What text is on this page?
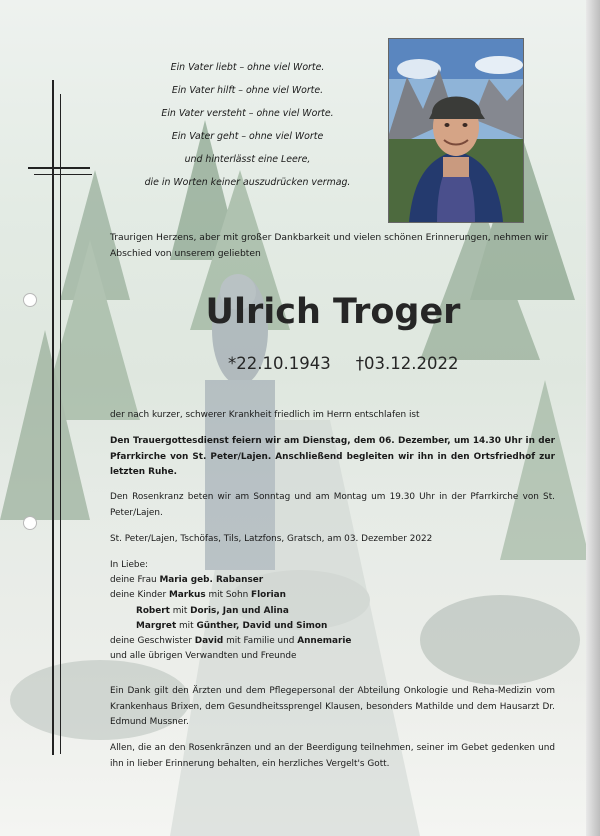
Ein Vater liebt – ohne viel Worte.
Ein Vater hilft – ohne viel Worte.
Ein Vater versteht – ohne viel Worte.
Ein Vater geht – ohne viel Worte
und hinterlässt eine Leere,
die in Worten keiner auszudrücken vermag.
Traurigen Herzens, aber mit großer Dankbarkeit und vielen schönen Erinnerungen, nehmen wir Abschied von unserem geliebten
Ulrich Troger
*22.10.1943 †03.12.2022
der nach kurzer, schwerer Krankheit friedlich im Herrn entschlafen ist
Den Trauergottesdienst feiern wir am Dienstag, dem 06. Dezember, um 14.30 Uhr in der Pfarrkirche von St. Peter/Lajen. Anschließend begleiten wir ihn in den Ortsfriedhof zur letzten Ruhe.
Den Rosenkranz beten wir am Sonntag und am Montag um 19.30 Uhr in der Pfarrkirche von St. Peter/Lajen.
St. Peter/Lajen, Tschöfas, Tils, Latzfons, Gratsch, am 03. Dezember 2022
In Liebe:
deine Frau Maria geb. Rabanser
deine Kinder Markus mit Sohn Florian
Robert mit Doris, Jan und Alina
Margret mit Günther, David und Simon
deine Geschwister David mit Familie und Annemarie
und alle übrigen Verwandten und Freunde
Ein Dank gilt den Ärzten und dem Pflegepersonal der Abteilung Onkologie und Reha-Medizin vom Krankenhaus Brixen, dem Gesundheitssprengel Klausen, besonders Mathilde und dem Hausarzt Dr. Edmund Mussner.
Allen, die an den Rosenkränzen und an der Beerdigung teilnehmen, seiner im Gebet gedenken und ihn in lieber Erinnerung behalten, ein herzliches Vergelt's Gott.
